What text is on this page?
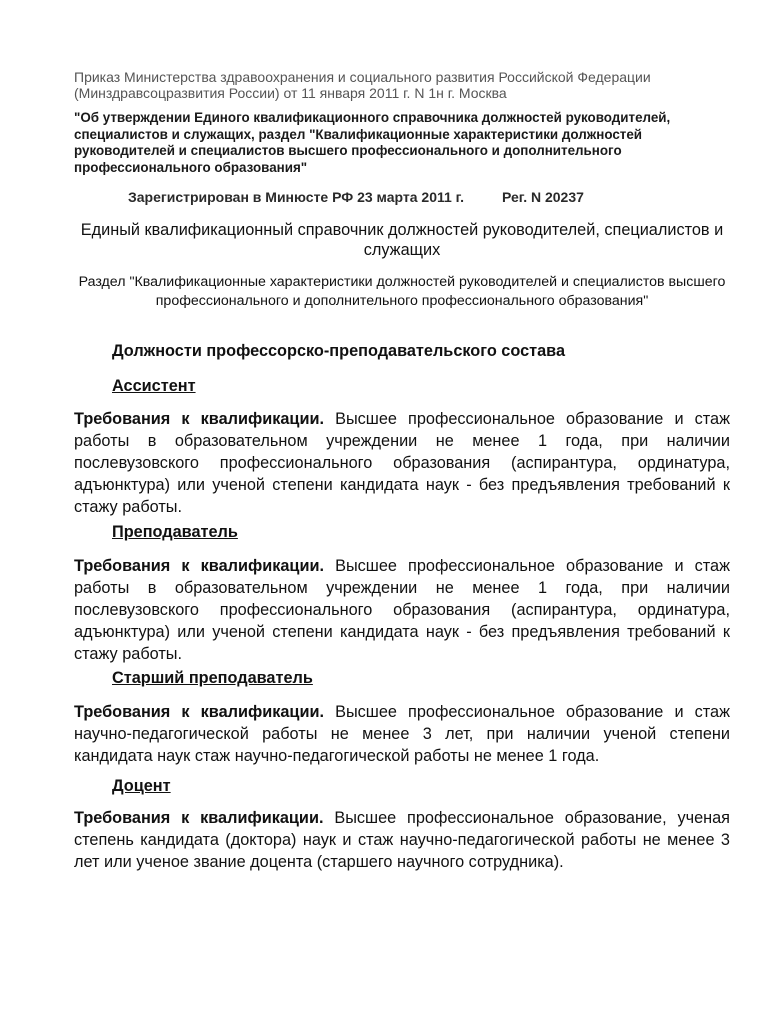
Приказ Министерства здравоохранения и социального развития Российской Федерации
(Минздравсоцразвития России) от 11 января 2011 г. N 1н г. Москва
"Об утверждении Единого квалификационного справочника должностей руководителей, специалистов и служащих, раздел "Квалификационные характеристики должностей руководителей и специалистов высшего профессионального и дополнительного профессионального образования"
Зарегистрирован в Минюсте РФ 23 марта 2011 г.	Рег. N 20237
Единый квалификационный справочник должностей руководителей, специалистов и служащих
Раздел "Квалификационные характеристики должностей руководителей и специалистов высшего профессионального и дополнительного профессионального образования"
Должности профессорско-преподавательского состава
Ассистент
Требования к квалификации. Высшее профессиональное образование и стаж работы в образовательном учреждении не менее 1 года, при наличии послевузовского профессионального образования (аспирантура, ординатура, адъюнктура) или ученой степени кандидата наук - без предъявления требований к стажу работы.
Преподаватель
Требования к квалификации. Высшее профессиональное образование и стаж работы в образовательном учреждении не менее 1 года, при наличии послевузовского профессионального образования (аспирантура, ординатура, адъюнктура) или ученой степени кандидата наук - без предъявления требований к стажу работы.
Старший преподаватель
Требования к квалификации. Высшее профессиональное образование и стаж научно-педагогической работы не менее 3 лет, при наличии ученой степени кандидата наук стаж научно-педагогической работы не менее 1 года.
Доцент
Требования к квалификации. Высшее профессиональное образование, ученая степень кандидата (доктора) наук и стаж научно-педагогической работы не менее 3 лет или ученое звание доцента (старшего научного сотрудника).
